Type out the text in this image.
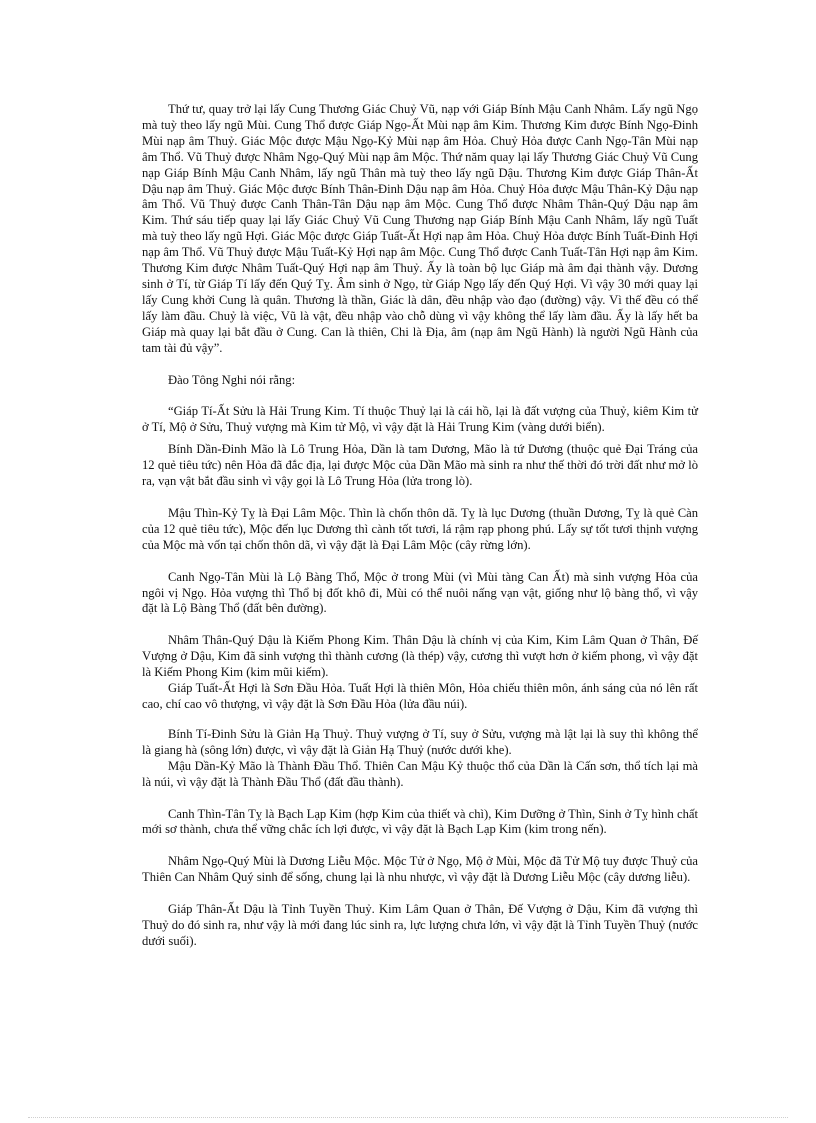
Thứ tư, quay trở lại lấy Cung Thương Giác Chuỷ Vũ, nạp với Giáp Bính Mậu Canh Nhâm. Lấy ngũ Ngọ mà tuỳ theo lấy ngũ Mùi. Cung Thổ được Giáp Ngọ-Ất Mùi nạp âm Kim. Thương Kim được Bính Ngọ-Đinh Mùi nạp âm Thuỷ. Giác Mộc được Mậu Ngọ-Kỷ Mùi nạp âm Hỏa. Chuỷ Hỏa được Canh Ngọ-Tân Mùi nạp âm Thổ. Vũ Thuỷ được Nhâm Ngọ-Quý Mùi nạp âm Mộc. Thứ năm quay lại lấy Thương Giác Chuỷ Vũ Cung nạp Giáp Bính Mậu Canh Nhâm, lấy ngũ Thân mà tuỳ theo lấy ngũ Dậu. Thương Kim được Giáp Thân-Ất Dậu nạp âm Thuỷ. Giác Mộc được Bính Thân-Đinh Dậu nạp âm Hỏa. Chuỷ Hỏa được Mậu Thân-Kỷ Dậu nạp âm Thổ. Vũ Thuỷ được Canh Thân-Tân Dậu nạp âm Mộc. Cung Thổ được Nhâm Thân-Quý Dậu nạp âm Kim. Thứ sáu tiếp quay lại lấy Giác Chuỷ Vũ Cung Thương nạp Giáp Bính Mậu Canh Nhâm, lấy ngũ Tuất mà tuỳ theo lấy ngũ Hợi. Giác Mộc được Giáp Tuất-Ất Hợi nạp âm Hỏa. Chuỷ Hỏa được Bính Tuất-Đinh Hợi nạp âm Thổ. Vũ Thuỷ được Mậu Tuất-Kỷ Hợi nạp âm Mộc. Cung Thổ được Canh Tuất-Tân Hợi nạp âm Kim. Thương Kim được Nhâm Tuất-Quý Hợi nạp âm Thuỷ. Ấy là toàn bộ lục Giáp mà âm đại thành vậy. Dương sinh ở Tí, từ Giáp Tí lấy đến Quý Tỵ. Âm sinh ở Ngọ, từ Giáp Ngọ lấy đến Quý Hợi. Vì vậy 30 mới quay lại lấy Cung khởi Cung là quân. Thương là thần, Giác là dân, đều nhập vào đạo (đường) vậy. Vì thế đều có thể lấy làm đầu. Chuỷ là việc, Vũ là vật, đều nhập vào chỗ dùng vì vậy không thể lấy làm đầu. Ấy là lấy hết ba Giáp mà quay lại bắt đầu ở Cung. Can là thiên, Chi là Địa, âm (nạp âm Ngũ Hành) là người Ngũ Hành của tam tài đủ vậy”.

Đào Tông Nghi nói rằng:

“Giáp Tí-Ất Sửu là Hải Trung Kim. Tí thuộc Thuỷ lại là cái hồ, lại là đất vượng của Thuỷ, kiêm Kim tử ở Tí, Mộ ở Sửu, Thuỷ vượng mà Kim tử Mộ, vì vậy đặt là Hải Trung Kim (vàng dưới biển).

Bính Dần-Đinh Mão là Lô Trung Hỏa, Dần là tam Dương, Mão là tứ Dương (thuộc quẻ Đại Tráng của 12 quẻ tiêu tức) nên Hỏa đã đắc địa, lại được Mộc của Dần Mão mà sinh ra như thế thời đó trời đất như mở lò ra, vạn vật bắt đầu sinh vì vậy gọi là Lô Trung Hỏa (lửa trong lò).

Mậu Thìn-Kỷ Tỵ là Đại Lâm Mộc. Thìn là chốn thôn dã. Tỵ là lục Dương (thuần Dương, Tỵ là quẻ Càn của 12 quẻ tiêu tức), Mộc đến lục Dương thì cành tốt tươi, lá rậm rạp phong phú. Lấy sự tốt tươi thịnh vượng của Mộc mà vốn tại chốn thôn dã, vì vậy đặt là Đại Lâm Mộc (cây rừng lớn).

Canh Ngọ-Tân Mùi là Lộ Bàng Thổ, Mộc ở trong Mùi (vì Mùi tàng Can Ất) mà sinh vượng Hỏa của ngôi vị Ngọ. Hỏa vượng thì Thổ bị đốt khô đi, Mùi có thể nuôi nấng vạn vật, giống như lộ bàng thổ, vì vậy đặt là Lộ Bàng Thổ (đất bên đường).

Nhâm Thân-Quý Dậu là Kiếm Phong Kim. Thân Dậu là chính vị của Kim, Kim Lâm Quan ở Thân, Đế Vượng ở Dậu, Kim đã sinh vượng thì thành cương (là thép) vậy, cương thì vượt hơn ở kiếm phong, vì vậy đặt là Kiếm Phong Kim (kim mũi kiếm).

Giáp Tuất-Ất Hợi là Sơn Đầu Hỏa. Tuất Hợi là thiên Môn, Hỏa chiếu thiên môn, ánh sáng của nó lên rất cao, chí cao vô thượng, vì vậy đặt là Sơn Đầu Hỏa (lửa đầu núi).

Bính Tí-Đinh Sửu là Giản Hạ Thuỷ. Thuỷ vượng ở Tí, suy ở Sửu, vượng mà lật lại là suy thì không thể là giang hà (sông lớn) được, vì vậy đặt là Giản Hạ Thuỷ (nước dưới khe).

Mậu Dần-Kỷ Mão là Thành Đầu Thổ. Thiên Can Mậu Kỷ thuộc thổ của Dần là Cấn sơn, thổ tích lại mà là núi, vì vậy đặt là Thành Đầu Thổ (đất đầu thành).

Canh Thìn-Tân Tỵ là Bạch Lạp Kim (hợp Kim của thiết và chì), Kim Dưỡng ở Thìn, Sinh ở Tỵ hình chất mới sơ thành, chưa thể vững chắc ích lợi được, vì vậy đặt là Bạch Lạp Kim (kim trong nến).

Nhâm Ngọ-Quý Mùi là Dương Liễu Mộc. Mộc Tử ở Ngọ, Mộ ở Mùi, Mộc đã Tử Mộ tuy được Thuỷ của Thiên Can Nhâm Quý sinh để sống, chung lại là nhu nhược, vì vậy đặt là Dương Liễu Mộc (cây dương liễu).

Giáp Thân-Ất Dậu là Tỉnh Tuyền Thuỷ. Kim Lâm Quan ở Thân, Đế Vượng ở Dậu, Kim đã vượng thì Thuỷ do đó sinh ra, như vậy là mới đang lúc sinh ra, lực lượng chưa lớn, vì vậy đặt là Tỉnh Tuyền Thuỷ (nước dưới suối).
